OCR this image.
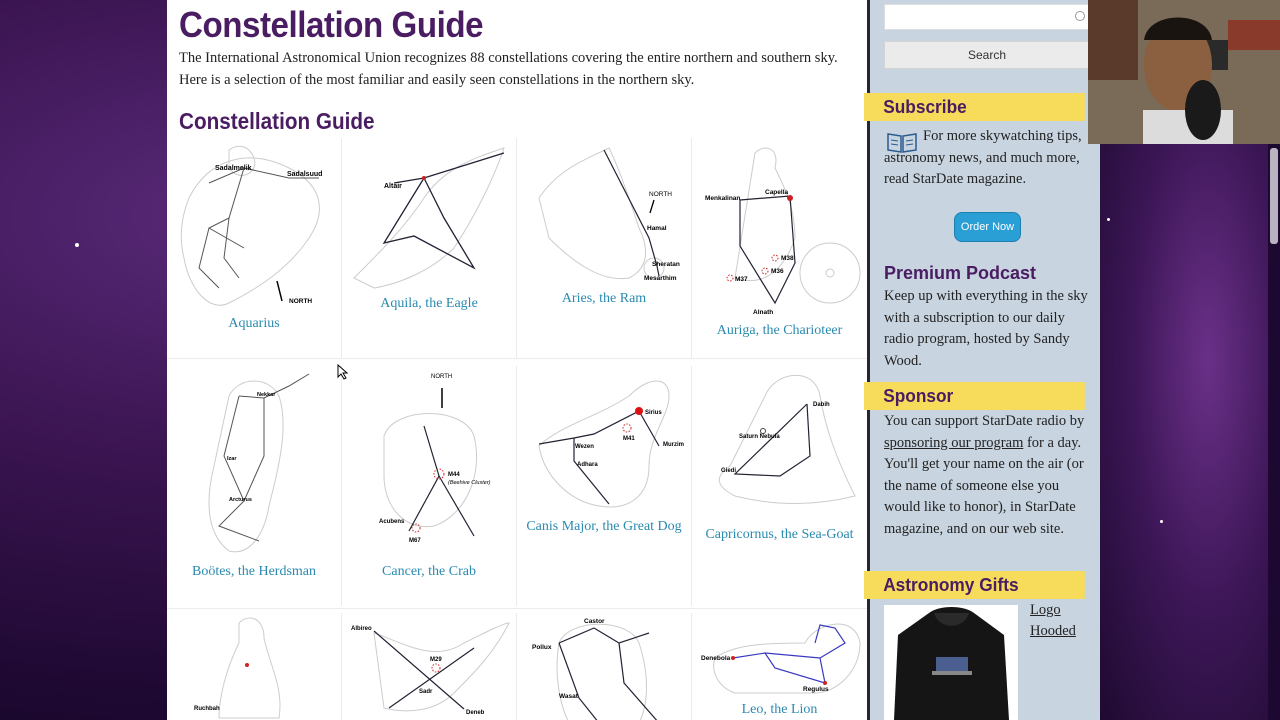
Constellation Guide

The International Astronomical Union recognizes 88 constellations covering the entire northern and southern sky. Here is a selection of the most familiar and easily seen constellations in the northern sky.

Constellation Guide
Sadalmelik
Sadalsuud
NORTH
Aquarius
Altair
Aquila, the Eagle
NORTH
Hamal
Sheratan
Mesarthim
Aries, the Ram
Menkalinan
Capella
M38
M36
M37
Alnath
Auriga, the Charioteer
Nekkar
Izar
Arcturus
Boötes, the Herdsman
NORTH
M44
(Beehive Cluster)
Acubens
M67
Cancer, the Crab
Sirius
M41
Murzim
Wezen
Adhara
Canis Major, the Great Dog
Dabih
Saturn Nebula
Giedi
Capricornus, the Sea-Goat
Ruchbah
Albireo
M29
Sadr
Deneb
Castor
Pollux
Wasat
Denebola
Regulus
Leo, the Lion
Search
Subscribe

For more skywatching tips, astronomy news, and much more, read StarDate magazine.

Order Now
Premium Podcast

Keep up with everything in the sky with a subscription to our daily radio program, hosted by Sandy Wood.

Sponsor

You can support StarDate radio by sponsoring our program for a day. You'll get your name on the air (or the name of someone else you would like to honor), in StarDate magazine, and on our web site.

Astronomy Gifts
Logo Hooded
